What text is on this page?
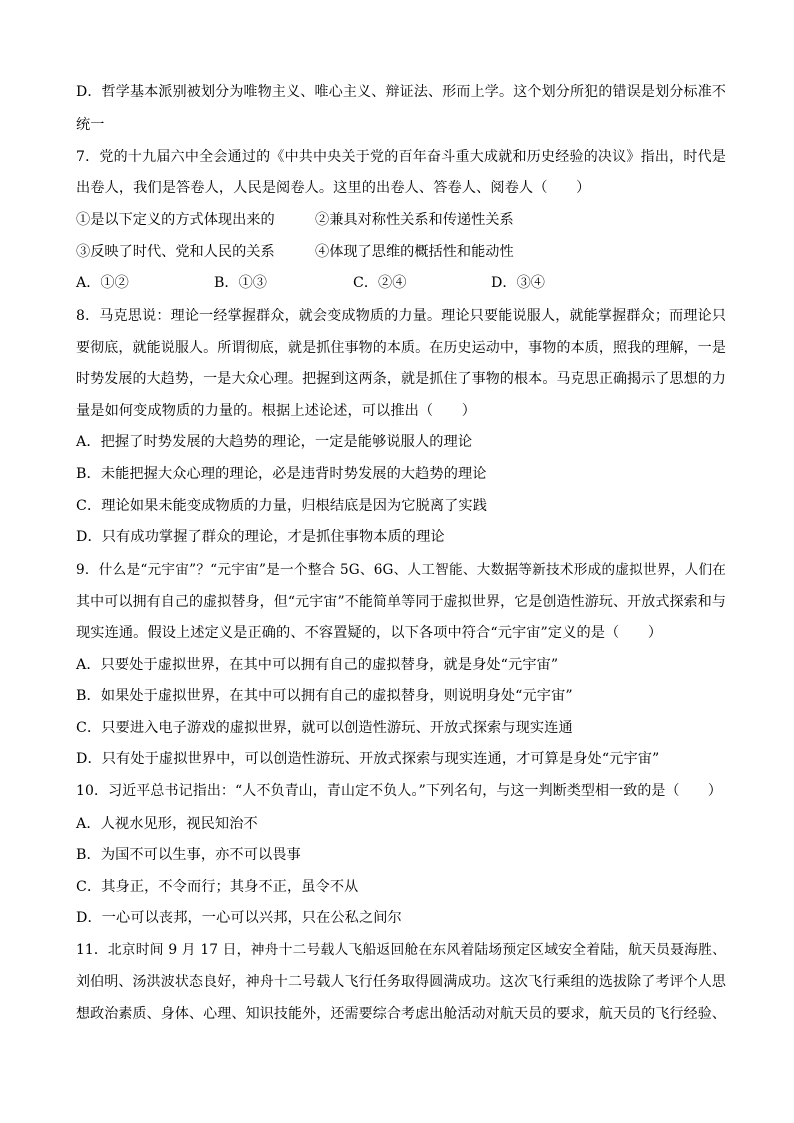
D．哲学基本派别被划分为唯物主义、唯心主义、辩证法、形而上学。这个划分所犯的错误是划分标准不
统一
7．党的十九届六中全会通过的《中共中央关于党的百年奋斗重大成就和历史经验的决议》指出，时代是
出卷人，我们是答卷人，人民是阅卷人。这里的出卷人、答卷人、阅卷人（　　）
①是以下定义的方式体现出来的	②兼具对称性关系和传递性关系
③反映了时代、党和人民的关系	④体现了思维的概括性和能动性
A．①②	B．①③	C．②④	D．③④
8．马克思说：理论一经掌握群众，就会变成物质的力量。理论只要能说服人，就能掌握群众；而理论只
要彻底，就能说服人。所谓彻底，就是抓住事物的本质。在历史运动中，事物的本质，照我的理解，一是
时势发展的大趋势，一是大众心理。把握到这两条，就是抓住了事物的根本。马克思正确揭示了思想的力
量是如何变成物质的力量的。根据上述论述，可以推出（　　）
A．把握了时势发展的大趋势的理论，一定是能够说服人的理论
B．未能把握大众心理的理论，必是违背时势发展的大趋势的理论
C．理论如果未能变成物质的力量，归根结底是因为它脱离了实践
D．只有成功掌握了群众的理论，才是抓住事物本质的理论
9．什么是“元宇宙”？“元宇宙”是一个整合 5G、6G、人工智能、大数据等新技术形成的虚拟世界，人们在
其中可以拥有自己的虚拟替身，但“元宇宙”不能简单等同于虚拟世界，它是创造性游玩、开放式探索和与
现实连通。假设上述定义是正确的、不容置疑的，以下各项中符合“元宇宙”定义的是（　　）
A．只要处于虚拟世界，在其中可以拥有自己的虚拟替身，就是身处“元宇宙”
B．如果处于虚拟世界，在其中可以拥有自己的虚拟替身，则说明身处“元宇宙”
C．只要进入电子游戏的虚拟世界，就可以创造性游玩、开放式探索与现实连通
D．只有处于虚拟世界中，可以创造性游玩、开放式探索与现实连通，才可算是身处“元宇宙”
10．习近平总书记指出：“人不负青山，青山定不负人。”下列名句，与这一判断类型相一致的是（　　）
A．人视水见形，视民知治不
B．为国不可以生事，亦不可以畏事
C．其身正，不令而行；其身不正，虽令不从
D．一心可以丧邦，一心可以兴邦，只在公私之间尔
11．北京时间 9 月 17 日，神舟十二号载人飞船返回舱在东风着陆场预定区域安全着陆，航天员聂海胜、
刘伯明、汤洪波状态良好，神舟十二号载人飞行任务取得圆满成功。这次飞行乘组的选拔除了考评个人思
想政治素质、身体、心理、知识技能外，还需要综合考虑出舱活动对航天员的要求，航天员的飞行经验、
